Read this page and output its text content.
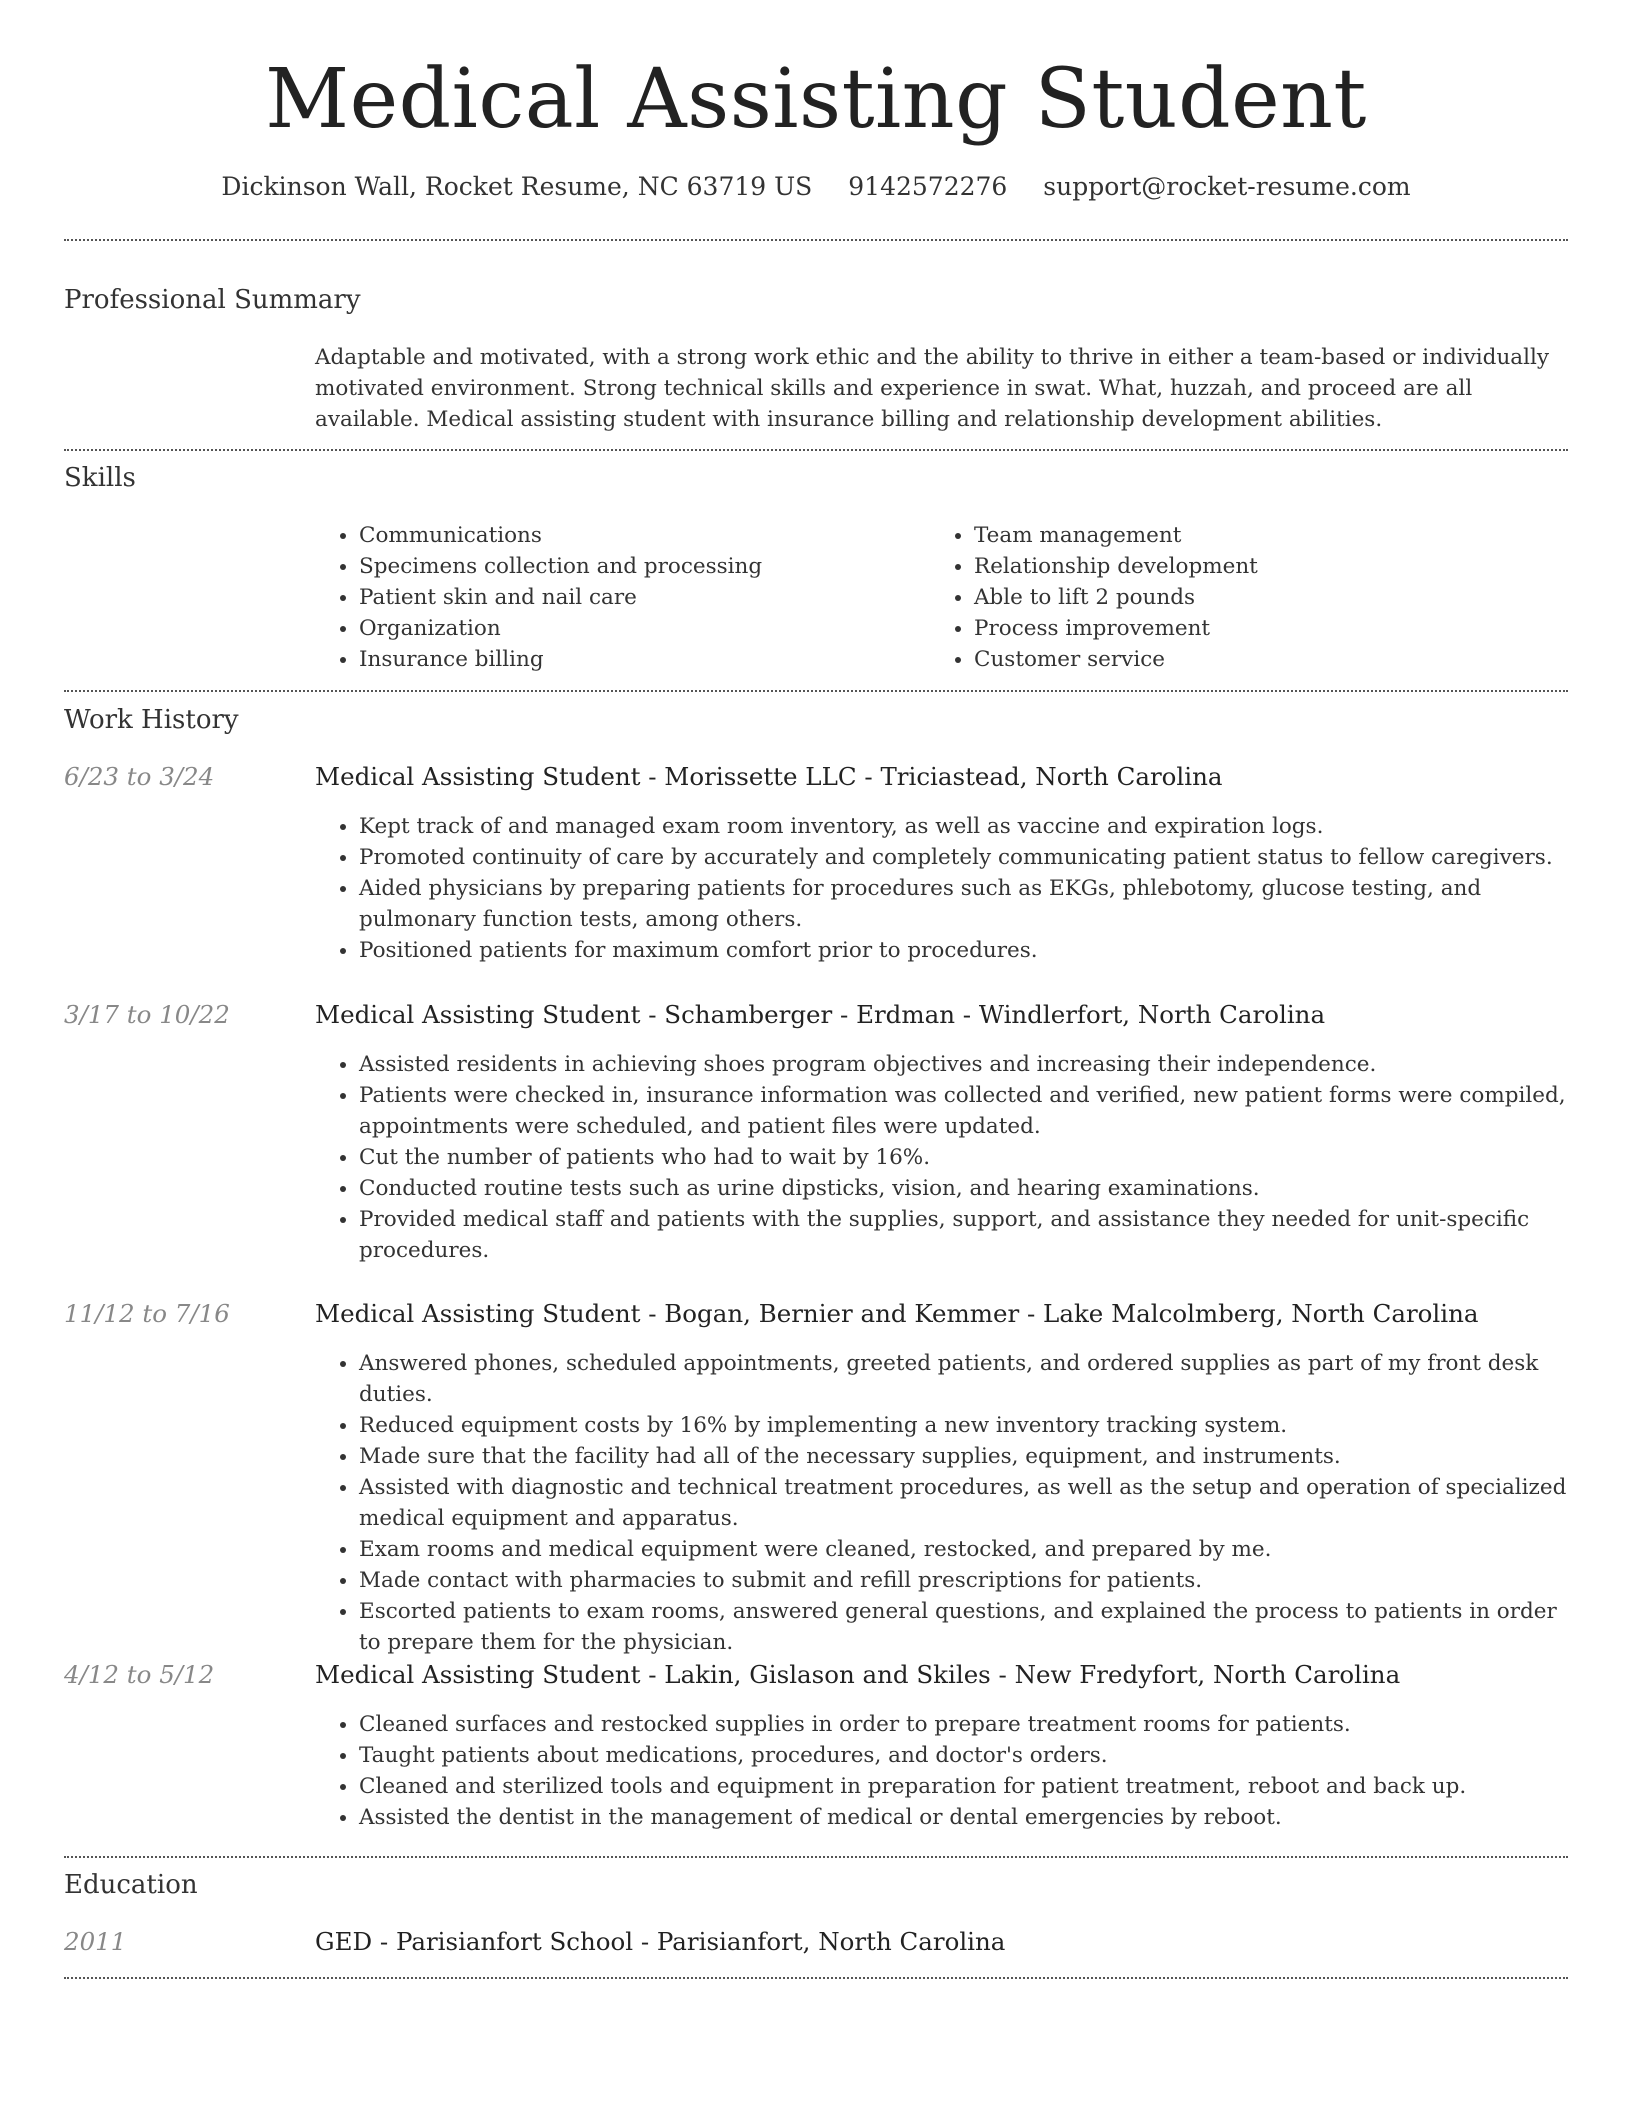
Medical Assisting Student
Dickinson Wall, Rocket Resume, NC 63719 US 9142572276 support@rocket-resume.com
Professional Summary

Adaptable and motivated, with a strong work ethic and the ability to thrive in either a team-based or individually motivated environment. Strong technical skills and experience in swat. What, huzzah, and proceed are all available. Medical assisting student with insurance billing and relationship development abilities.

Skills
• Communications
• Specimens collection and processing
• Patient skin and nail care
• Organization
• Insurance billing
• Team management
• Relationship development
• Able to lift 2 pounds
• Process improvement
• Customer service
Work History
6/23 to 3/24	Medical Assisting Student - Morissette LLC - Triciastead, North Carolina
• Kept track of and managed exam room inventory, as well as vaccine and expiration logs.
• Promoted continuity of care by accurately and completely communicating patient status to fellow caregivers.
• Aided physicians by preparing patients for procedures such as EKGs, phlebotomy, glucose testing, and pulmonary function tests, among others.
• Positioned patients for maximum comfort prior to procedures.
3/17 to 10/22	Medical Assisting Student - Schamberger - Erdman - Windlerfort, North Carolina
• Assisted residents in achieving shoes program objectives and increasing their independence.
• Patients were checked in, insurance information was collected and verified, new patient forms were compiled, appointments were scheduled, and patient files were updated.
• Cut the number of patients who had to wait by 16%.
• Conducted routine tests such as urine dipsticks, vision, and hearing examinations.
• Provided medical staff and patients with the supplies, support, and assistance they needed for unit-specific procedures.
11/12 to 7/16	Medical Assisting Student - Bogan, Bernier and Kemmer - Lake Malcolmberg, North Carolina
• Answered phones, scheduled appointments, greeted patients, and ordered supplies as part of my front desk duties.
• Reduced equipment costs by 16% by implementing a new inventory tracking system.
• Made sure that the facility had all of the necessary supplies, equipment, and instruments.
• Assisted with diagnostic and technical treatment procedures, as well as the setup and operation of specialized medical equipment and apparatus.
• Exam rooms and medical equipment were cleaned, restocked, and prepared by me.
• Made contact with pharmacies to submit and refill prescriptions for patients.
• Escorted patients to exam rooms, answered general questions, and explained the process to patients in order to prepare them for the physician.
4/12 to 5/12	Medical Assisting Student - Lakin, Gislason and Skiles - New Fredyfort, North Carolina
• Cleaned surfaces and restocked supplies in order to prepare treatment rooms for patients.
• Taught patients about medications, procedures, and doctor's orders.
• Cleaned and sterilized tools and equipment in preparation for patient treatment, reboot and back up.
• Assisted the dentist in the management of medical or dental emergencies by reboot.
Education
2011	GED - Parisianfort School - Parisianfort, North Carolina
